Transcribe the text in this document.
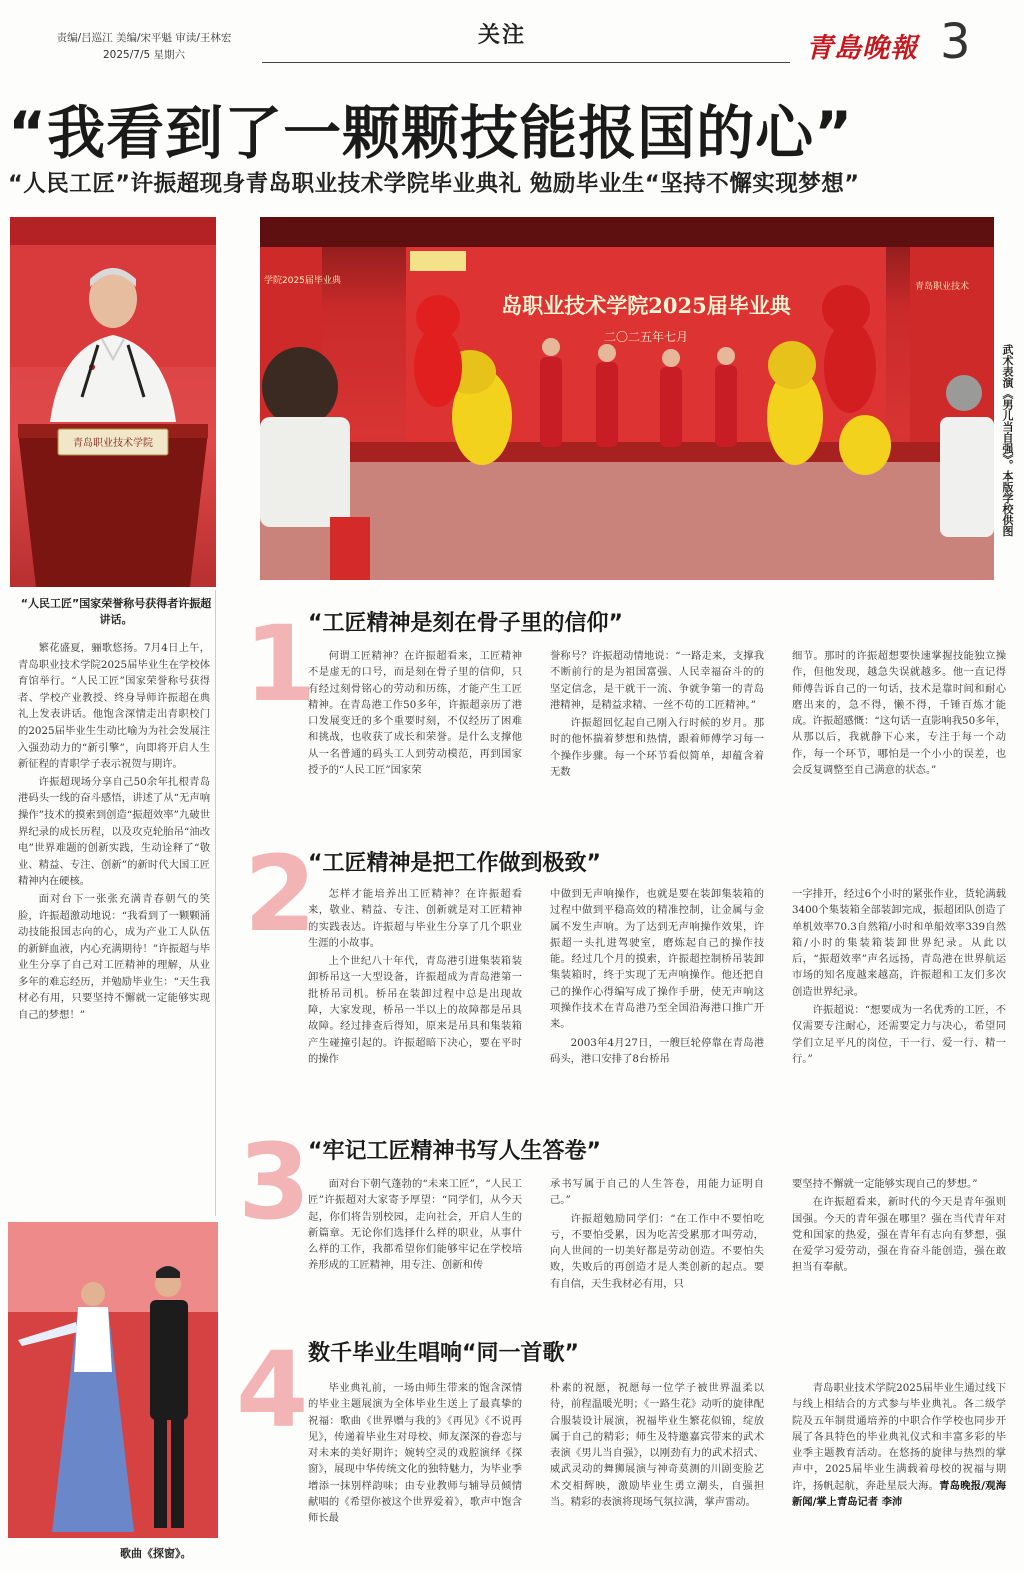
责编/吕巡江 美编/宋平魁 审读/王林宏
2025/7/5 星期六
关注	青島晚報 3
“我看到了一颗颗技能报国的心”
“人民工匠”许振超现身青岛职业技术学院毕业典礼 勉励毕业生“坚持不懈实现梦想”
青岛职业技术学院
“人民工匠”国家荣誉称号获得者许振超讲话。
学院2025届毕业典
岛职业技术学院2025届毕业典
二〇二五年七月
青岛职业技术
武术表演《男儿当自强》。本版学校供图

繁花盛夏，骊歌悠扬。7月4日上午，青岛职业技术学院2025届毕业生在学校体育馆举行。“人民工匠”国家荣誉称号获得者、学校产业教授、终身导师许振超在典礼上发表讲话。他饱含深情走出青职校门的2025届毕业生生动比喻为为社会发展注入强劲动力的“新引擎”，向即将开启人生新征程的青职学子表示祝贺与期许。

许振超现场分享自己50余年扎根青岛港码头一线的奋斗感悟，讲述了从“无声响操作”技术的摸索到创造“振超效率”九破世界纪录的成长历程，以及攻克轮胎吊“油改电”世界难题的创新实践，生动诠释了“敬业、精益、专注、创新”的新时代大国工匠精神内在硬核。

面对台下一张张充满青春朝气的笑脸，许振超激动地说：“我看到了一颗颗涌动技能报国志向的心，成为产业工人队伍的新鲜血液，内心充满期待！”许振超与毕业生分享了自己对工匠精神的理解，从业多年的难忘经历，并勉励毕业生：“天生我材必有用，只要坚持不懈就一定能够实现自己的梦想！”

歌曲《探窗》。
1
“工匠精神是刻在骨子里的信仰”

何谓工匠精神？在许振超看来，工匠精神不是虚无的口号，而是刻在骨子里的信仰，只有经过刻骨铭心的劳动和历练，才能产生工匠精神。在青岛港工作50多年，许振超亲历了港口发展变迁的多个重要时刻，不仅经历了困难和挑战，也收获了成长和荣誉。是什么支撑他从一名普通的码头工人到劳动模范，再到国家授予的“人民工匠”国家荣

誉称号？许振超动情地说：“一路走来，支撑我不断前行的是为祖国富强、人民幸福奋斗的的坚定信念，是干就干一流、争就争第一的青岛港精神，是精益求精、一丝不苟的工匠精神。”

许振超回忆起自己刚入行时候的岁月。那时的他怀揣着梦想和热情，跟着师傅学习每一个操作步骤。每一个环节看似简单，却蕴含着无数

细节。那时的许振超想要快速掌握技能独立操作，但他发现，越急失误就越多。他一直记得师傅告诉自己的一句话，技术是靠时间和耐心磨出来的，急不得，懒不得，千锤百炼才能成。许振超感慨：“这句话一直影响我50多年，从那以后，我就静下心来，专注于每一个动作，每一个环节，哪怕是一个小小的误差，也会反复调整至自己满意的状态。”

2
“工匠精神是把工作做到极致”

怎样才能培养出工匠精神？在许振超看来，敬业、精益、专注、创新就是对工匠精神的实践表达。许振超与毕业生分享了几个职业生涯的小故事。

上个世纪八十年代，青岛港引进集装箱装卸桥吊这一大型设备，许振超成为青岛港第一批桥吊司机。桥吊在装卸过程中总是出现故障，大家发现，桥吊一半以上的故障都是吊具故障。经过排查后得知，原来是吊具和集装箱产生碰撞引起的。许振超暗下决心，要在平时的操作

中做到无声响操作，也就是要在装卸集装箱的过程中做到平稳高效的精准控制，让金属与金属不发生声响。为了达到无声响操作效果，许振超一头扎进驾驶室，磨炼起自己的操作技能。经过几个月的摸索，许振超控制桥吊装卸集装箱时，终于实现了无声响操作。他还把自己的操作心得编写成了操作手册，使无声响这项操作技术在青岛港乃至全国沿海港口推广开来。

2003年4月27日，一艘巨轮停靠在青岛港码头，港口安排了8台桥吊

一字排开，经过6个小时的紧张作业，货轮满载3400个集装箱全部装卸完成，振超团队创造了单机效率70.3自然箱/小时和单船效率339自然箱/小时的集装箱装卸世界纪录。从此以后，“振超效率”声名远扬，青岛港在世界航运市场的知名度越来越高，许振超和工友们多次创造世界纪录。

许振超说：“想要成为一名优秀的工匠，不仅需要专注耐心，还需要定力与决心，希望同学们立足平凡的岗位，干一行、爱一行、精一行。”

3
“牢记工匠精神书写人生答卷”

面对台下朝气蓬勃的“未来工匠”，“人民工匠”许振超对大家寄予厚望：“同学们，从今天起，你们将告别校园，走向社会，开启人生的新篇章。无论你们选择什么样的职业，从事什么样的工作，我都希望你们能够牢记在学校培养形成的工匠精神，用专注、创新和传

承书写属于自己的人生答卷，用能力证明自己。”

许振超勉励同学们：“在工作中不要怕吃亏，不要怕受累，因为吃苦受累那才叫劳动，向人世间的一切美好都是劳动创造。不要怕失败，失败后的再创造才是人类创新的起点。要有自信，天生我材必有用，只

要坚持不懈就一定能够实现自己的梦想。”

在许振超看来，新时代的今天是青年强则国强。今天的青年强在哪里？强在当代青年对党和国家的热爱，强在青年有志向有梦想，强在爱学习爱劳动，强在肯奋斗能创造，强在敢担当有奉献。

4 数千毕业生唱响“同一首歌”

毕业典礼前，一场由师生带来的饱含深情的毕业主题展演为全体毕业生送上了最真挚的祝福：歌曲《世界赠与我的》《再见》《不说再见》，传递着毕业生对母校、师友深深的眷恋与对未来的美好期许；婉转空灵的戏腔演绎《探窗》，展现中华传统文化的独特魅力，为毕业季增添一抹别样韵味；由专业教师与辅导员倾情献唱的《希望你被这个世界爱着》，歌声中饱含师长最

朴素的祝愿，祝愿每一位学子被世界温柔以待，前程温暖光明；《一路生花》动听的旋律配合服装设计展演，祝福毕业生繁花似锦，绽放属于自己的精彩；师生及特邀嘉宾带来的武术表演《男儿当自强》，以刚劲有力的武术招式、威武灵动的舞狮展演与神奇莫测的川剧变脸艺术交相辉映，激励毕业生勇立潮头，自强担当。精彩的表演将现场气氛拉满，掌声雷动。

青岛职业技术学院2025届毕业生通过线下与线上相结合的方式参与毕业典礼。各二级学院及五年制贯通培养的中职合作学校也同步开展了各具特色的毕业典礼仪式和丰富多彩的毕业季主题教育活动。在悠扬的旋律与热烈的掌声中，2025届毕业生满载着母校的祝福与期许，扬帆起航，奔赴星辰大海。青岛晚报/观海新闻/掌上青岛记者 李沛
